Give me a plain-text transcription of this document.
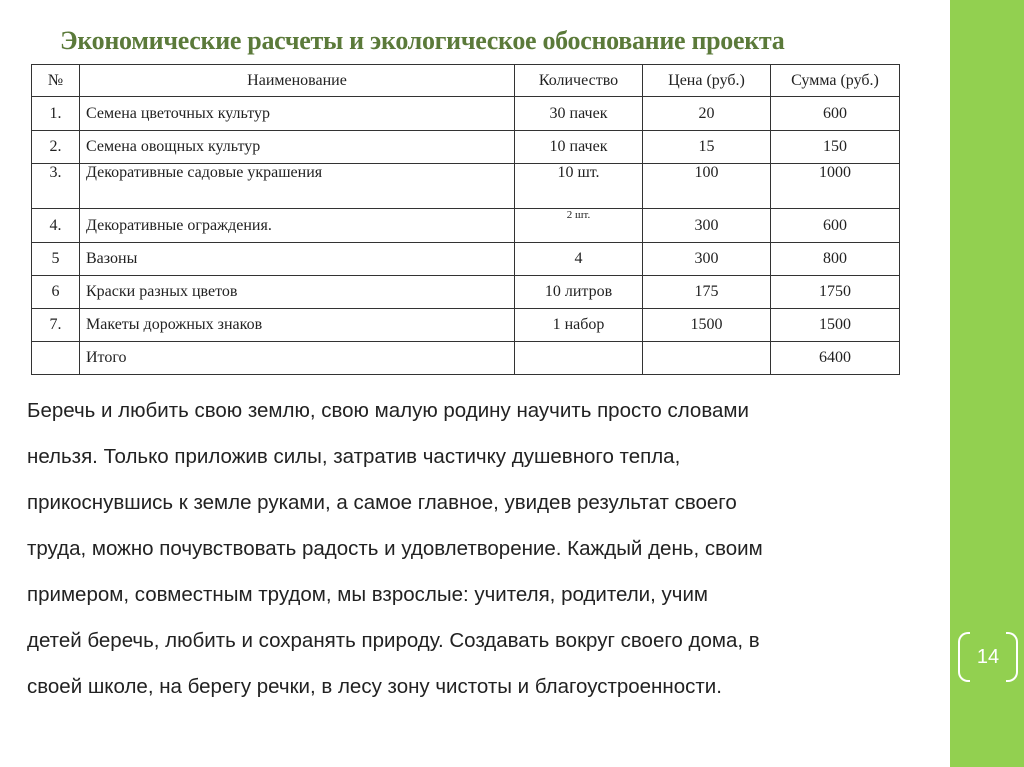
Экономические расчеты и экологическое обоснование проекта
№	Наименование	Количество	Цена (руб.)	Сумма (руб.)
1.	Семена цветочных культур	30 пачек	20	600
2.	Семена овощных культур	10 пачек	15	150
3.	Декоративные садовые украшения	10 шт.	100	1000
4.	Декоративные ограждения.	2 шт.	300	600
5	Вазоны	4	300	800
6	Краски разных цветов	10 литров	175	1750
7.	Макеты дорожных знаков	1 набор	1500	1500
	Итого			6400
Беречь и любить свою землю, свою малую родину научить просто словами
нельзя. Только приложив силы, затратив частичку душевного тепла,
прикоснувшись к земле руками, а самое главное, увидев результат своего
труда, можно почувствовать радость и удовлетворение. Каждый день, своим
примером, совместным трудом, мы взрослые: учителя, родители, учим
детей беречь, любить и сохранять природу. Создавать вокруг своего дома, в
своей школе, на берегу речки, в лесу зону чистоты и благоустроенности.
14
